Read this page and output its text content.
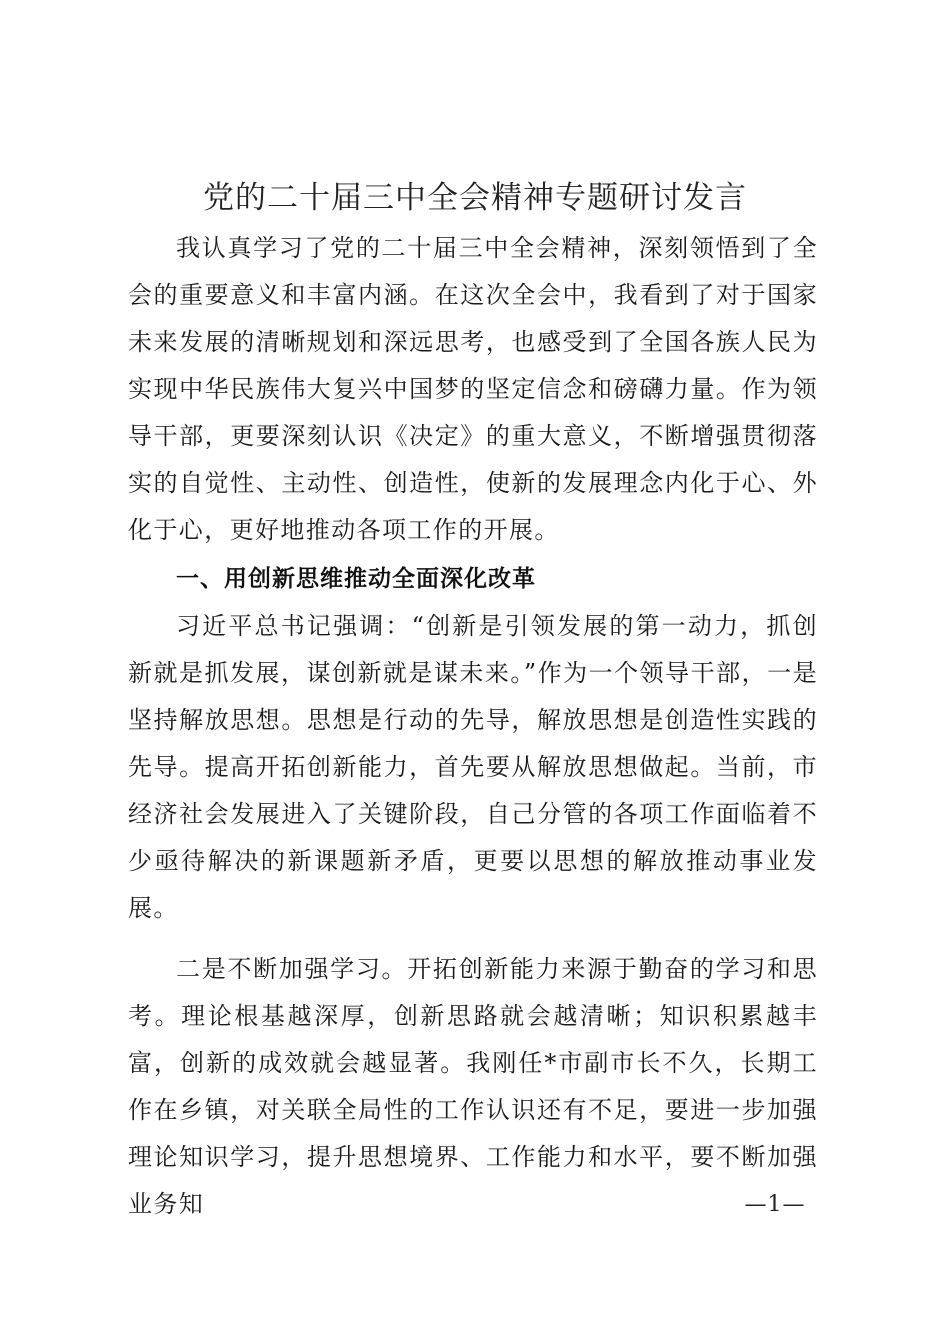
党的二十届三中全会精神专题研讨发言

我认真学习了党的二十届三中全会精神，深刻领悟到了全会的重要意义和丰富内涵。在这次全会中，我看到了对于国家未来发展的清晰规划和深远思考，也感受到了全国各族人民为实现中华民族伟大复兴中国梦的坚定信念和磅礴力量。作为领导干部，更要深刻认识《决定》的重大意义，不断增强贯彻落实的自觉性、主动性、创造性，使新的发展理念内化于心、外化于心，更好地推动各项工作的开展。

一、用创新思维推动全面深化改革

习近平总书记强调：“创新是引领发展的第一动力，抓创新就是抓发展，谋创新就是谋未来。”作为一个领导干部，一是坚持解放思想。思想是行动的先导，解放思想是创造性实践的先导。提高开拓创新能力，首先要从解放思想做起。当前，市经济社会发展进入了关键阶段，自己分管的各项工作面临着不少亟待解决的新课题新矛盾，更要以思想的解放推动事业发展。

二是不断加强学习。开拓创新能力来源于勤奋的学习和思考。理论根基越深厚，创新思路就会越清晰；知识积累越丰富，创新的成效就会越显著。我刚任*市副市长不久，长期工作在乡镇，对关联全局性的工作认识还有不足，要进一步加强理论知识学习，提升思想境界、工作能力和水平，要不断加强业务知	—1—
